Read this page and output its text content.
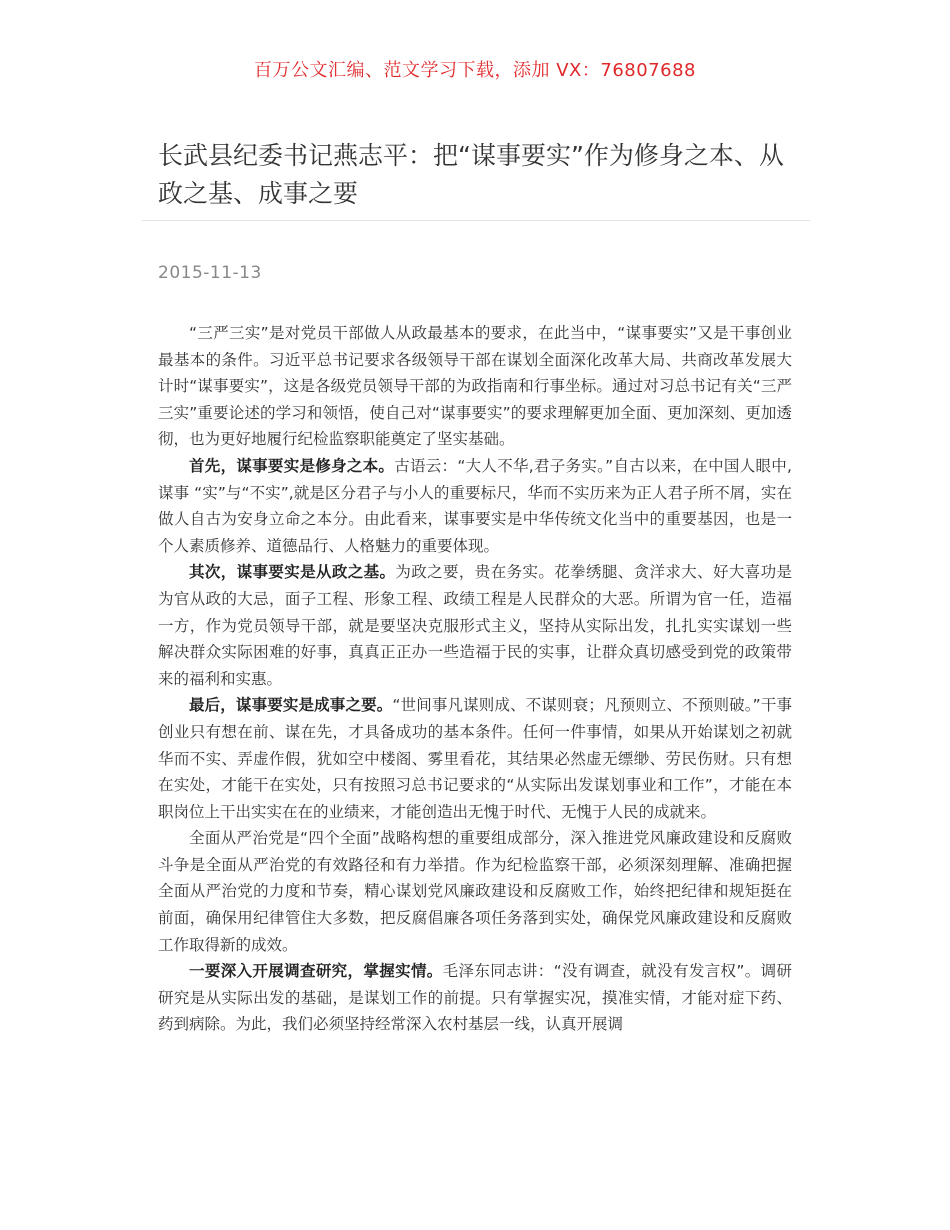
百万公文汇编、范文学习下载，添加 VX：76807688
长武县纪委书记燕志平：把“谋事要实”作为修身之本、从政之基、成事之要
2015-11-13

“三严三实”是对党员干部做人从政最基本的要求，在此当中，“谋事要实”又是干事创业最基本的条件。习近平总书记要求各级领导干部在谋划全面深化改革大局、共商改革发展大计时“谋事要实”，这是各级党员领导干部的为政指南和行事坐标。通过对习总书记有关“三严三实”重要论述的学习和领悟，使自己对“谋事要实”的要求理解更加全面、更加深刻、更加透彻，也为更好地履行纪检监察职能奠定了坚实基础。

首先，谋事要实是修身之本。古语云：“大人不华,君子务实。”自古以来，在中国人眼中,谋事 “实”与“不实”,就是区分君子与小人的重要标尺，华而不实历来为正人君子所不屑，实在做人自古为安身立命之本分。由此看来，谋事要实是中华传统文化当中的重要基因，也是一个人素质修养、道德品行、人格魅力的重要体现。

其次，谋事要实是从政之基。为政之要，贵在务实。花拳绣腿、贪洋求大、好大喜功是为官从政的大忌，面子工程、形象工程、政绩工程是人民群众的大恶。所谓为官一任，造福一方，作为党员领导干部，就是要坚决克服形式主义，坚持从实际出发，扎扎实实谋划一些解决群众实际困难的好事，真真正正办一些造福于民的实事，让群众真切感受到党的政策带来的福利和实惠。

最后，谋事要实是成事之要。“世间事凡谋则成、不谋则衰；凡预则立、不预则破。”干事创业只有想在前、谋在先，才具备成功的基本条件。任何一件事情，如果从开始谋划之初就华而不实、弄虚作假，犹如空中楼阁、雾里看花，其结果必然虚无缥缈、劳民伤财。只有想在实处，才能干在实处，只有按照习总书记要求的“从实际出发谋划事业和工作”，才能在本职岗位上干出实实在在的业绩来，才能创造出无愧于时代、无愧于人民的成就来。

全面从严治党是“四个全面”战略构想的重要组成部分，深入推进党风廉政建设和反腐败斗争是全面从严治党的有效路径和有力举措。作为纪检监察干部，必须深刻理解、准确把握全面从严治党的力度和节奏，精心谋划党风廉政建设和反腐败工作，始终把纪律和规矩挺在前面，确保用纪律管住大多数，把反腐倡廉各项任务落到实处，确保党风廉政建设和反腐败工作取得新的成效。

一要深入开展调查研究，掌握实情。毛泽东同志讲：“没有调查，就没有发言权”。调研研究是从实际出发的基础，是谋划工作的前提。只有掌握实况，摸准实情，才能对症下药、药到病除。为此，我们必须坚持经常深入农村基层一线，认真开展调
